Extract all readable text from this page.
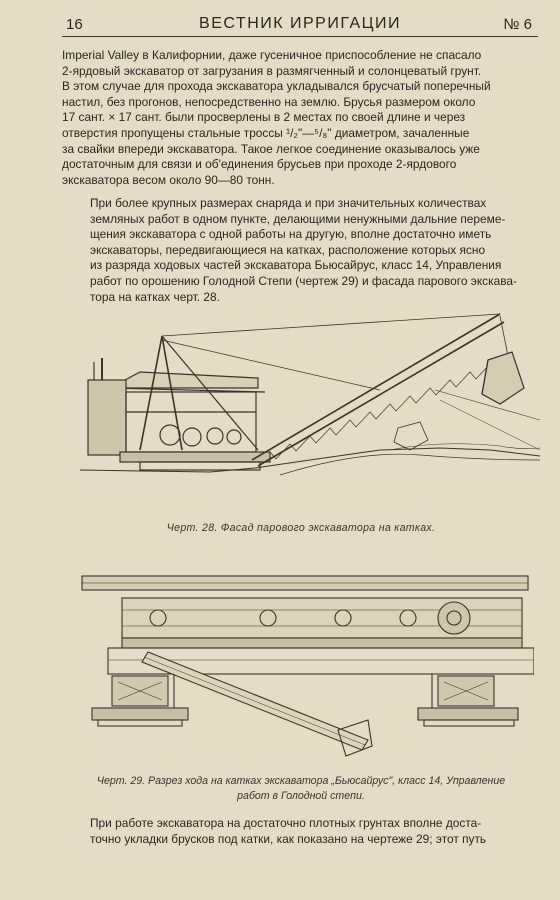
16	ВЕСТНИК ИРРИГАЦИИ	№ 6
Imperial Valley в Калифорнии, даже гусеничное приспособление не спасало
2-ярдовый экскаватор от загрузания в размягченный и солонцеватый грунт.
В этом случае для прохода экскаватора укладывался брусчатый поперечный
настил, без прогонов, непосредственно на землю. Брусья размером около
17 сант. × 17 сант. были просверлены в 2 местах по своей длине и через
отверстия пропущены стальные тросcы ¹/₂"—⁵/₈" диаметром, зачаленные
за свайки впереди экскаватора. Такое легкое соединение оказывалось уже
достаточным для связи и об'единения брусьев при проходе 2-ярдового
экскаватора весом около 90—80 тонн.
При более крупных размерах снаряда и при значительных количествах
земляных работ в одном пункте, делающими ненужными дальние переме-
щения экскаватора с одной работы на другую, вполне достаточно иметь
экскаваторы, передвигающиеся на катках, расположение которых ясно
из разряда ходовых частей экскаватора Бьюсайрус, класс 14, Управления
работ по орошению Голодной Степи (чертеж 29) и фасада парового экскава-
тора на катках черт. 28.
Черт. 28. Фасад парового экскаватора на катках.
Черт. 29. Разрез хода на катках экскаватора „Бьюсайрус", класс 14, Управление
работ в Голодной степи.
При работе экскаватора на достаточно плотных грунтах вполне доста-
точно укладки брусков под катки, как показано на чертеже 29; этот путь
